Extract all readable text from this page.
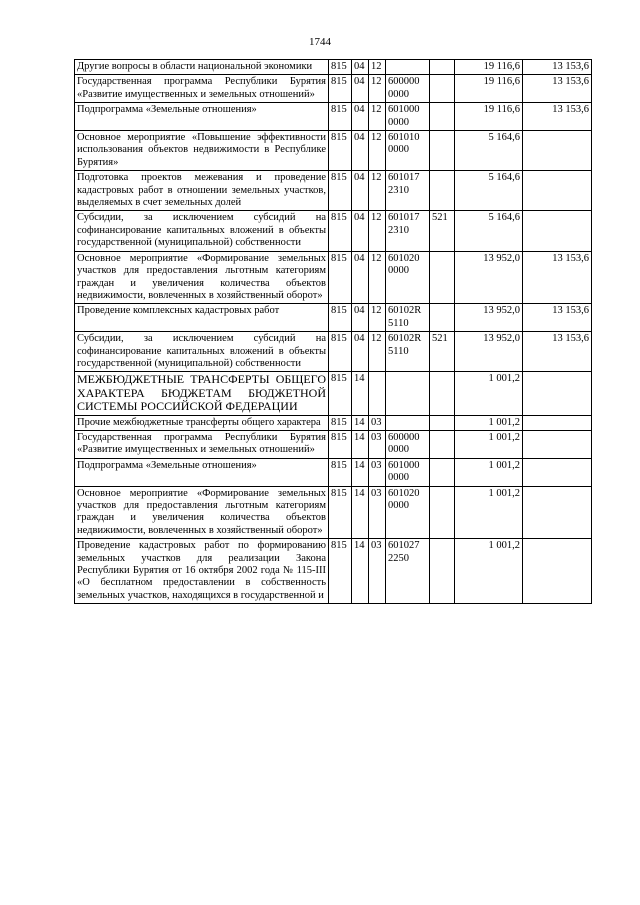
1744
Другие вопросы в области национальной экономики	815	04	12			19 116,6	13 153,6
Государственная программа Республики Бурятия «Развитие имущественных и земельных отношений»	815	04	12	600000 0000		19 116,6	13 153,6
Подпрограмма «Земельные отношения»	815	04	12	601000 0000		19 116,6	13 153,6
Основное мероприятие «Повышение эффективности использования объектов недвижимости в Республике Бурятия»	815	04	12	601010 0000		5 164,6	
Подготовка проектов межевания и проведение кадастровых работ в отношении земельных участков, выделяемых в счет земельных долей	815	04	12	601017 2310		5 164,6	
Субсидии, за исключением субсидий на софинансирование капитальных вложений в объекты государственной (муниципальной) собственности	815	04	12	601017 2310	521	5 164,6	
Основное мероприятие «Формирование земельных участков для предоставления льготным категориям граждан и увеличения количества объектов недвижимости, вовлеченных в хозяйственный оборот»	815	04	12	601020 0000		13 952,0	13 153,6
Проведение комплексных кадастровых работ	815	04	12	60102R 5110		13 952,0	13 153,6
Субсидии, за исключением субсидий на софинансирование капитальных вложений в объекты государственной (муниципальной) собственности	815	04	12	60102R 5110	521	13 952,0	13 153,6
МЕЖБЮДЖЕТНЫЕ ТРАНСФЕРТЫ ОБЩЕГО ХАРАКТЕРА БЮДЖЕТАМ БЮДЖЕТНОЙ СИСТЕМЫ РОССИЙСКОЙ ФЕДЕРАЦИИ	815	14				1 001,2	
Прочие межбюджетные трансферты общего характера	815	14	03			1 001,2	
Государственная программа Республики Бурятия «Развитие имущественных и земельных отношений»	815	14	03	600000 0000		1 001,2	
Подпрограмма «Земельные отношения»	815	14	03	601000 0000		1 001,2	
Основное мероприятие «Формирование земельных участков для предоставления льготным категориям граждан и увеличения количества объектов недвижимости, вовлеченных в хозяйственный оборот»	815	14	03	601020 0000		1 001,2	
Проведение кадастровых работ по формированию земельных участков для реализации Закона Республики Бурятия от 16 октября 2002 года № 115-III «О бесплатном предоставлении в собственность земельных участков, находящихся в государственной и	815	14	03	601027 2250		1 001,2	
